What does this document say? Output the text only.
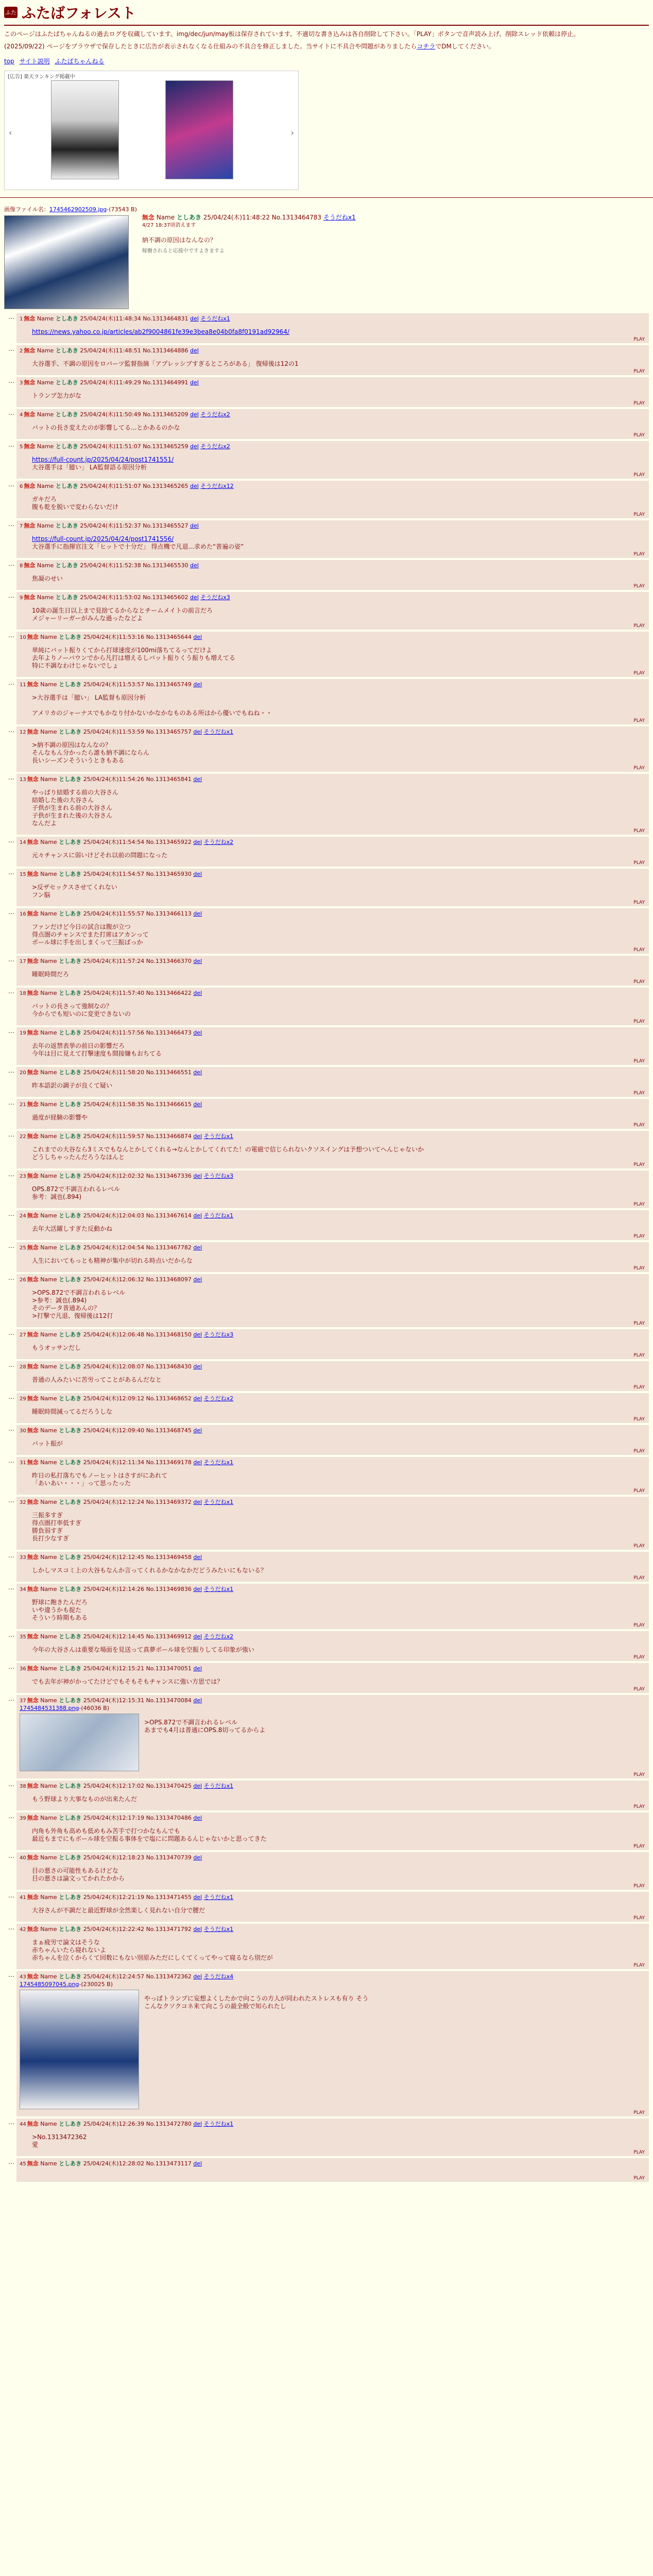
ふた ふたばフォレスト
このページはふたばちゃんねるの過去ログを収蔵しています。img/dec/jun/may板は保存されています。不適切な書き込みは各自削除して下さい。「PLAY」ボタンで音声読み上げ。削除スレッド依頼は停止。
(2025/09/22) ページをブラウザで保存したときに広告が表示されなくなる仕組みの不具合を修正しました。当サイトに不具合や問題がありましたらコチラでDMしてください。
top サイト説明 ふたばちゃんねる
[広告] 楽天ランキング掲載中
‹	›
画像ファイル名：1745462902509.jpg-(73543 B)
無念 Name としあき 25/04/24(木)11:48:22 No.1313464783 そうだねx1
4/27 18:37頃消えます
納不調の原因はなんなの？
稼働されると応援中ですよきますよ
…	1 無念 Name としあき 25/04/24(木)11:48:34 No.1313464831 del そうだねx1
https://news.yahoo.co.jp/articles/ab2f9004861fe39e3bea8e04b0fa8f0191ad92964/
PLAY
…	2 無念 Name としあき 25/04/24(木)11:48:51 No.1313464886 del
大谷選手、不調の原因をロバーツ監督指摘「アプレッシブすぎるところがある」 復帰後は12の1
PLAY
…	3 無念 Name としあき 25/04/24(木)11:49:29 No.1313464991 del
トランプ怎力がな
PLAY
…	4 無念 Name としあき 25/04/24(木)11:50:49 No.1313465209 del そうだねx2
バットの長さ変えたのが影響してる...とかあるのかな
PLAY
…	5 無念 Name としあき 25/04/24(木)11:51:07 No.1313465259 del そうだねx2
https://full-count.jp/2025/04/24/post1741551/
大谷選手は「臆い」 LA監督語る原因分析
PLAY
…	6 無念 Name としあき 25/04/24(木)11:51:07 No.1313465265 del そうだねx12
ガキだろ
腹も乾を脱いで変わらないだけ
PLAY
…	7 無念 Name としあき 25/04/24(木)11:52:37 No.1313465527 del
https://full-count.jp/2025/04/24/post1741556/
大谷選手に指揮官注文「ヒットで十分だ」 得点機で凡退...求めた“普遍の姿”
PLAY
…	8 無念 Name としあき 25/04/24(木)11:52:38 No.1313465530 del
焦凝のせい
PLAY
…	9 無念 Name としあき 25/04/24(木)11:53:02 No.1313465602 del そうだねx3
10歳の誕生日以上まで見捨てるからなとチームメイトの前言だろ
メジャーリーガーがみんな過ったなどよ
PLAY
…	10 無念 Name としあき 25/04/24(木)11:53:16 No.1313465644 del
単純にバット振りくてから打球速度が100mi落ちてるってだけよ
去年よりノーバウンでから凡打は増えるしバット振りくう振りも増えてる
特に不調なわけじゃないでしょ
PLAY
…	11 無念 Name としあき 25/04/24(木)11:53:57 No.1313465749 del
>大谷選手は「臆い」 LA監督も原因分析

アメリカのジャーナスでもかなり付かないかなかなものある所はから優いでもねね・・
PLAY
…	12 無念 Name としあき 25/04/24(木)11:53:59 No.1313465757 del そうだねx1
>納不調の原因はなんなの？
そんなもん分かったら誰も納不調にならん
長いシーズンそういうときもある
PLAY
…	13 無念 Name としあき 25/04/24(木)11:54:26 No.1313465841 del
やっぱり結婚する前の大谷さん
結婚した後の大谷さん
子供が生まれる前の大谷さん
子供が生まれた後の大谷さん
なんだよ
PLAY
…	14 無念 Name としあき 25/04/24(木)11:54:54 No.1313465922 del そうだねx2
元々チャンスに弱いけどそれ以前の問題になった
PLAY
…	15 無念 Name としあき 25/04/24(木)11:54:57 No.1313465930 del
>反ザセックスさせてくれない
フン脳
PLAY
…	16 無念 Name としあき 25/04/24(木)11:55:57 No.1313466113 del
ファンだけど今日の試合は腹が立つ
得点圏のチャンスでまた打席はアカンって
ボール球に手を出しまくって三振ばっか
PLAY
…	17 無念 Name としあき 25/04/24(木)11:57:24 No.1313466370 del
睡眠時間だろ
PLAY
…	18 無念 Name としあき 25/04/24(木)11:57:40 No.1313466422 del
バットの長さって強制なの？
今からでも短いのに変更できないの
PLAY
…	19 無念 Name としあき 25/04/24(木)11:57:56 No.1313466473 del
去年の返禁表挙の前日の影響だろ
今年は目に見えて打撃速度も間接嫌もおちてる
PLAY
…	20 無念 Name としあき 25/04/24(木)11:58:20 No.1313466551 del
昨本語訳の調子が良くて疑い
PLAY
…	21 無念 Name としあき 25/04/24(木)11:58:35 No.1313466615 del
過度が経験の影響や
PLAY
…	22 無念 Name としあき 25/04/24(木)11:59:57 No.1313466874 del そうだねx1
これまでの大谷なら3ミスでもなんとかしてくれる→なんとかしてくれてた！の電磁で信じられないクソスイングは予想ついてへんじゃないか
どうしちゃったんだろうなほんと
PLAY
…	23 無念 Name としあき 25/04/24(木)12:02:32 No.1313467336 del そうだねx3
OPS.872で不調言われるレベル
参考：誠也(.894)
PLAY
…	24 無念 Name としあき 25/04/24(木)12:04:03 No.1313467614 del そうだねx1
去年大活躍しすぎた反動かね
PLAY
…	25 無念 Name としあき 25/04/24(木)12:04:54 No.1313467782 del
人生においてもっとも精神が集中が切れる時点いだからな
PLAY
…	26 無念 Name としあき 25/04/24(木)12:06:32 No.1313468097 del
>OPS.872で不調言われるレベル
>参考：誠也(.894)
そのデータ普通あんの？
>打撃で凡退、復帰後は12打
PLAY
…	27 無念 Name としあき 25/04/24(木)12:06:48 No.1313468150 del そうだねx3
もうオッサンだし
PLAY
…	28 無念 Name としあき 25/04/24(木)12:08:07 No.1313468430 del
普通の人みたいに苦労ってことがあるんだなと
PLAY
…	29 無念 Name としあき 25/04/24(木)12:09:12 No.1313468652 del そうだねx2
睡眠時間減ってるだろうしな
PLAY
…	30 無念 Name としあき 25/04/24(木)12:09:40 No.1313468745 del
バット振が
PLAY
…	31 無念 Name としあき 25/04/24(木)12:11:34 No.1313469178 del そうだねx1
昨日の私打落ちでもノーヒットはさすがにあれて
「あいあい・・・」って思ったった
PLAY
…	32 無念 Name としあき 25/04/24(木)12:12:24 No.1313469372 del そうだねx1
三振多すぎ
得点圏打率低すぎ
勝負弱すぎ
長打少なすぎ
PLAY
…	33 無念 Name としあき 25/04/24(木)12:12:45 No.1313469458 del
しかしマスコミ上の大谷もなんか言ってくれるかなかなかだどうみたいにもないる？
PLAY
…	34 無念 Name としあき 25/04/24(木)12:14:26 No.1313469836 del そうだねx1
野球に飽きたんだろ
いや違うかも捉た
そういう時期もある
PLAY
…	35 無念 Name としあき 25/04/24(木)12:14:45 No.1313469912 del そうだねx2
今年の大谷さんは重要な場面を見送って真夢ボール球を空振りしてる印象が強い
PLAY
…	36 無念 Name としあき 25/04/24(木)12:15:21 No.1313470051 del
でも去年が神がかってたけどでもそもそもチャンスに強い方思では？
PLAY
…	37 無念 Name としあき 25/04/24(木)12:15:31 No.1313470084 del
1745484531388.png-(46036 B)
>OPS.872で不調言われるレベル
あまでも4月は普通にOPS.8切ってるからよ
PLAY
…	38 無念 Name としあき 25/04/24(木)12:17:02 No.1313470425 del そうだねx1
もう野球より大事なものが出来たんだ
PLAY
…	39 無念 Name としあき 25/04/24(木)12:17:19 No.1313470486 del
内角も外角も高めも低めもみ苦手で打つかなもんでも
最近もまでにもボール球を空振る事体をで塩にに問題あるんじゃないかと思ってきた
PLAY
…	40 無念 Name としあき 25/04/24(木)12:18:23 No.1313470739 del
目の悪さの可能性もあるけどな
目の悪さは論文ってかれたかから
PLAY
…	41 無念 Name としあき 25/04/24(木)12:21:19 No.1313471455 del そうだねx1
大谷さんが不調だと最近野球が全然楽しく見れない自分で腰だ
PLAY
…	42 無念 Name としあき 25/04/24(木)12:22:42 No.1313471792 del そうだねx1
まぁ疲労で論文はそうな
赤ちゃんいたら寝れないよ
赤ちゃんを泣くからくて回数にもない別原みただにしくてくってやって寝るなら別だが
PLAY
…	43 無念 Name としあき 25/04/24(木)12:24:57 No.1313472362 del そうだねx4
1745485097045.png-(230025 B)
やっぱトランプに妄想よくしたかで向こうの方人が同われたストレスも有り そう
こんなクソクコネ来て向こうの最全般で知られたし
PLAY
…	44 無念 Name としあき 25/04/24(木)12:26:39 No.1313472780 del そうだねx1
>No.1313472362
愛
PLAY
…	45 無念 Name としあき 25/04/24(木)12:28:02 No.1313473117 del
PLAY
